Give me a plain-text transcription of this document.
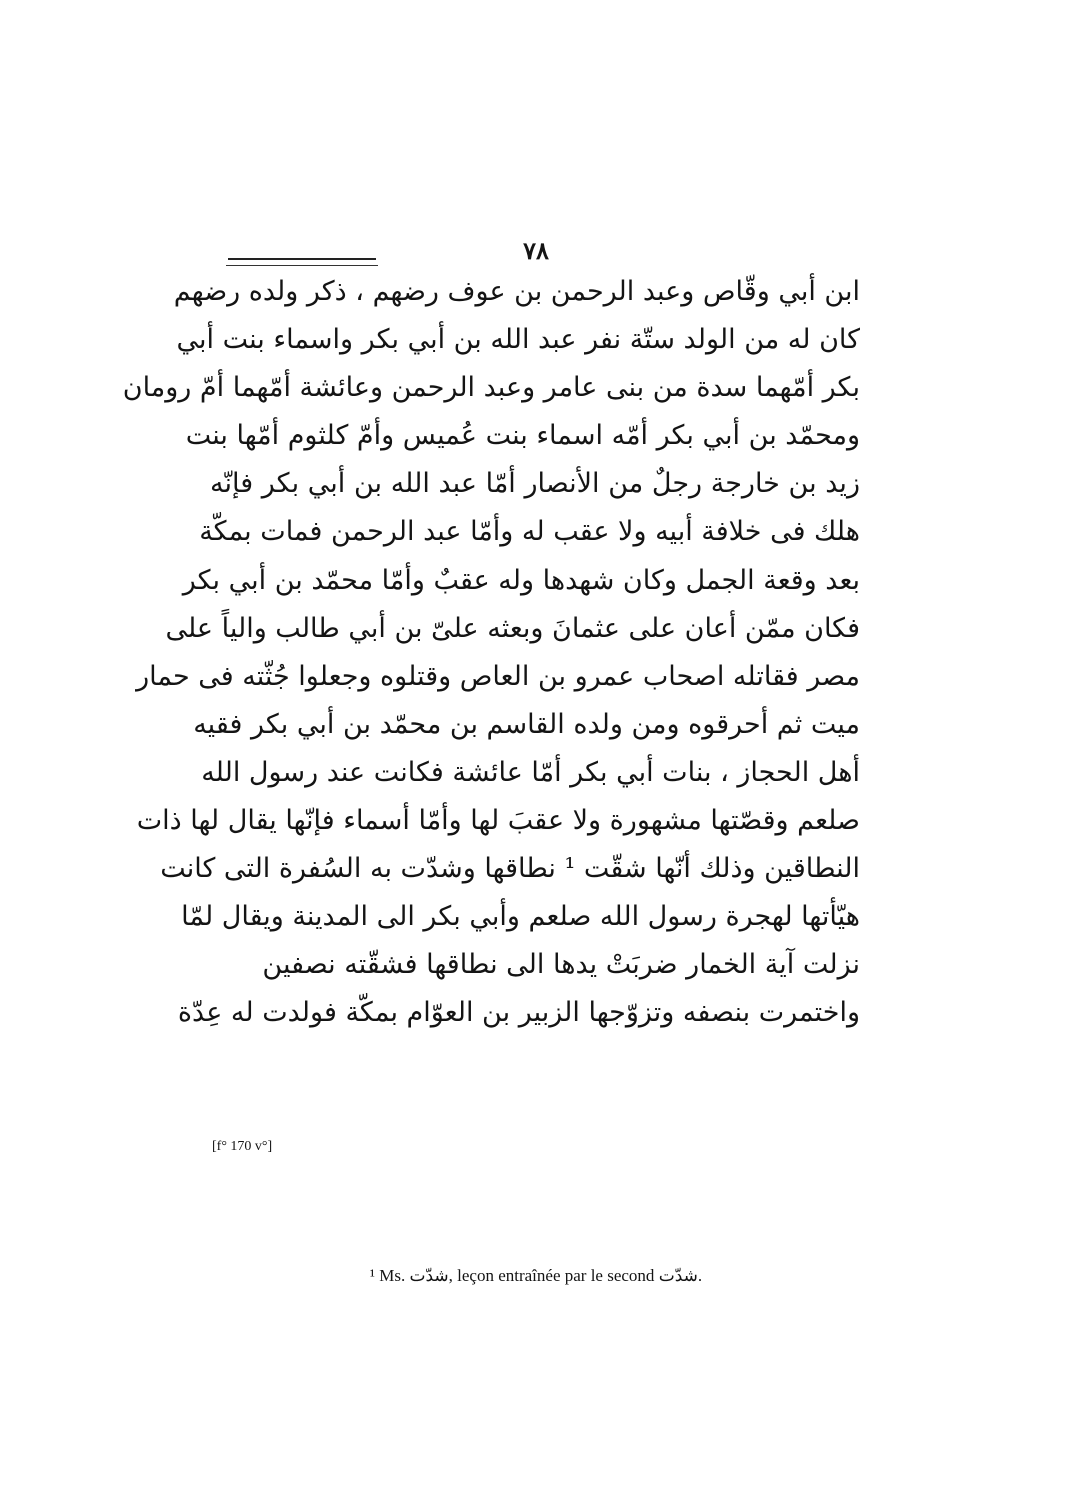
٧٨
ابن أبي وقّاص وعبد الرحمن بن عوف رضهم ، ذكر ولده رضهم
كان له من الولد ستّة نفر عبد الله بن أبي بكر واسماء بنت أبي
بكر أمّهما سدة من بنى عامر وعبد الرحمن وعائشة أمّهما أمّ رومان
ومحمّد بن أبي بكر أمّه اسماء بنت عُميس وأمّ كلثوم أمّها بنت
زيد بن خارجة رجلٌ من الأنصار أمّا عبد الله بن أبي بكر فإنّه
هلك فى خلافة أبيه ولا عقب له وأمّا عبد الرحمن فمات بمكّة
بعد وقعة الجمل وكان شهدها وله عقبٌ وأمّا محمّد بن أبي بكر
فكان ممّن أعان على عثمانَ وبعثه علىّ بن أبي طالب والياً على
مصر فقاتله اصحاب عمرو بن العاص وقتلوه وجعلوا جُثّته فى حمار
ميت ثم أحرقوه ومن ولده القاسم بن محمّد بن أبي بكر فقيه
أهل الحجاز ، بنات أبي بكر أمّا عائشة فكانت عند رسول الله
صلعم وقصّتها مشهورة ولا عقبَ لها وأمّا أسماء فإنّها يقال لها ذات
النطاقين وذلك أنّها شقّت ¹ نطاقها وشدّت به السُفرة التى كانت
هيّأتها لهجرة رسول الله صلعم وأبي بكر الى المدينة ويقال لمّا
نزلت آية الخمار ضربَتْ يدها الى نطاقها فشقّته نصفين
واختمرت بنصفه وتزوّجها الزبير بن العوّام بمكّة فولدت له عِدّة
[f° 170 v°]
¹ Ms. شدّت, leçon entraînée par le second شدّت.
